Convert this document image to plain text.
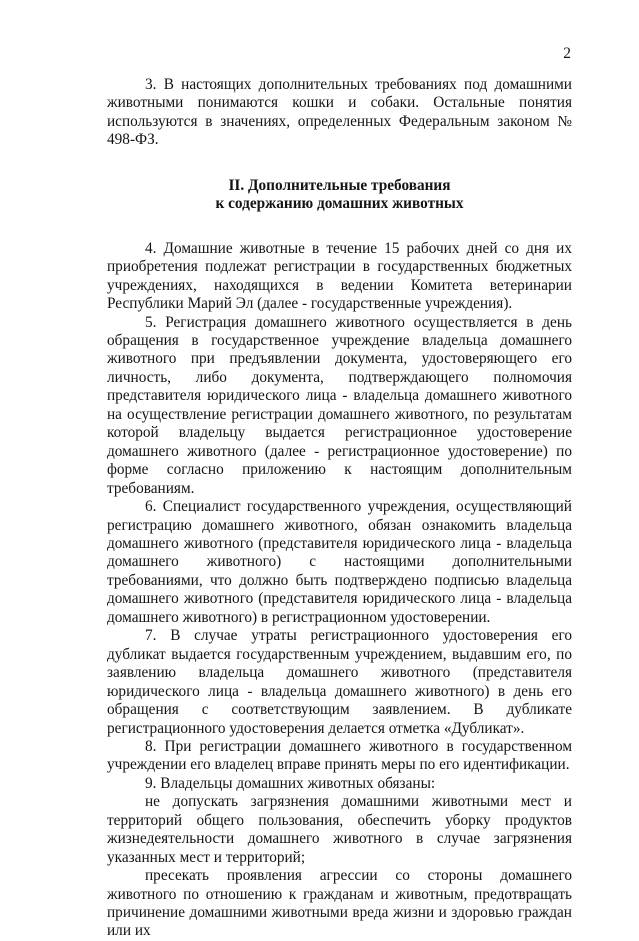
2

3. В настоящих дополнительных требованиях под домашними животными понимаются кошки и собаки. Остальные понятия используются в значениях, определенных Федеральным законом № 498-ФЗ.

II. Дополнительные требования
к содержанию домашних животных

4. Домашние животные в течение 15 рабочих дней со дня их приобретения подлежат регистрации в государственных бюджетных учреждениях, находящихся в ведении Комитета ветеринарии Республики Марий Эл (далее - государственные учреждения).

5. Регистрация домашнего животного осуществляется в день обращения в государственное учреждение владельца домашнего животного при предъявлении документа, удостоверяющего его личность, либо документа, подтверждающего полномочия представителя юридического лица - владельца домашнего животного на осуществление регистрации домашнего животного, по результатам которой владельцу выдается регистрационное удостоверение домашнего животного (далее - регистрационное удостоверение) по форме согласно приложению к настоящим дополнительным требованиям.

6. Специалист государственного учреждения, осуществляющий регистрацию домашнего животного, обязан ознакомить владельца домашнего животного (представителя юридического лица - владельца домашнего животного) с настоящими дополнительными требованиями, что должно быть подтверждено подписью владельца домашнего животного (представителя юридического лица - владельца домашнего животного) в регистрационном удостоверении.

7. В случае утраты регистрационного удостоверения его дубликат выдается государственным учреждением, выдавшим его, по заявлению владельца домашнего животного (представителя юридического лица - владельца домашнего животного) в день его обращения с соответствующим заявлением. В дубликате регистрационного удостоверения делается отметка «Дубликат».

8. При регистрации домашнего животного в государственном учреждении его владелец вправе принять меры по его идентификации.

9. Владельцы домашних животных обязаны:

не допускать загрязнения домашними животными мест и территорий общего пользования, обеспечить уборку продуктов жизнедеятельности домашнего животного в случае загрязнения указанных мест и территорий;

пресекать проявления агрессии со стороны домашнего животного по отношению к гражданам и животным, предотвращать причинение домашними животными вреда жизни и здоровью граждан или их
